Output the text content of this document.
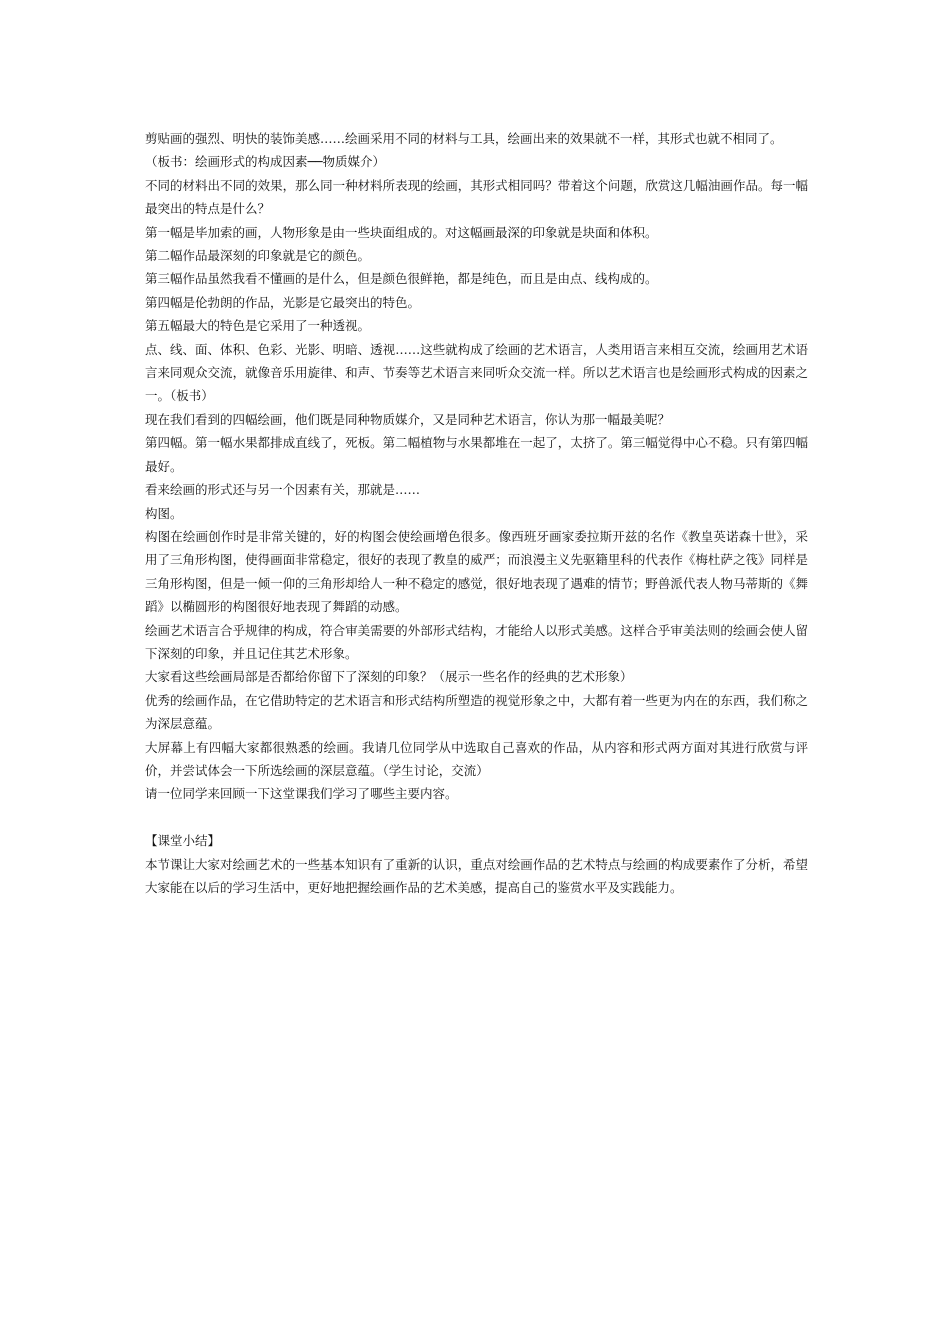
剪贴画的强烈、明快的装饰美感……绘画采用不同的材料与工具，绘画出来的效果就不一样，其形式也就不相同了。

（板书：绘画形式的构成因素──物质媒介）

不同的材料出不同的效果，那么同一种材料所表现的绘画，其形式相同吗？带着这个问题，欣赏这几幅油画作品。每一幅最突出的特点是什么？

第一幅是毕加索的画，人物形象是由一些块面组成的。对这幅画最深的印象就是块面和体积。

第二幅作品最深刻的印象就是它的颜色。

第三幅作品虽然我看不懂画的是什么，但是颜色很鲜艳，都是纯色，而且是由点、线构成的。

第四幅是伦勃朗的作品，光影是它最突出的特色。

第五幅最大的特色是它采用了一种透视。

点、线、面、体积、色彩、光影、明暗、透视……这些就构成了绘画的艺术语言，人类用语言来相互交流，绘画用艺术语言来同观众交流，就像音乐用旋律、和声、节奏等艺术语言来同听众交流一样。所以艺术语言也是绘画形式构成的因素之一。（板书）

现在我们看到的四幅绘画，他们既是同种物质媒介，又是同种艺术语言，你认为那一幅最美呢？

第四幅。第一幅水果都排成直线了，死板。第二幅植物与水果都堆在一起了，太挤了。第三幅觉得中心不稳。只有第四幅最好。

看来绘画的形式还与另一个因素有关，那就是……

构图。

构图在绘画创作时是非常关键的，好的构图会使绘画增色很多。像西班牙画家委拉斯开兹的名作《教皇英诺森十世》，采用了三角形构图，使得画面非常稳定，很好的表现了教皇的威严；而浪漫主义先驱籍里科的代表作《梅杜萨之筏》同样是三角形构图，但是一倾一仰的三角形却给人一种不稳定的感觉，很好地表现了遇难的情节；野兽派代表人物马蒂斯的《舞蹈》以椭圆形的构图很好地表现了舞蹈的动感。

绘画艺术语言合乎规律的构成，符合审美需要的外部形式结构，才能给人以形式美感。这样合乎审美法则的绘画会使人留下深刻的印象，并且记住其艺术形象。

大家看这些绘画局部是否都给你留下了深刻的印象？（展示一些名作的经典的艺术形象）

优秀的绘画作品，在它借助特定的艺术语言和形式结构所塑造的视觉形象之中，大都有着一些更为内在的东西，我们称之为深层意蕴。

大屏幕上有四幅大家都很熟悉的绘画。我请几位同学从中选取自己喜欢的作品，从内容和形式两方面对其进行欣赏与评价，并尝试体会一下所选绘画的深层意蕴。（学生讨论，交流）

请一位同学来回顾一下这堂课我们学习了哪些主要内容。

【课堂小结】

本节课让大家对绘画艺术的一些基本知识有了重新的认识，重点对绘画作品的艺术特点与绘画的构成要素作了分析，希望大家能在以后的学习生活中，更好地把握绘画作品的艺术美感，提高自己的鉴赏水平及实践能力。
